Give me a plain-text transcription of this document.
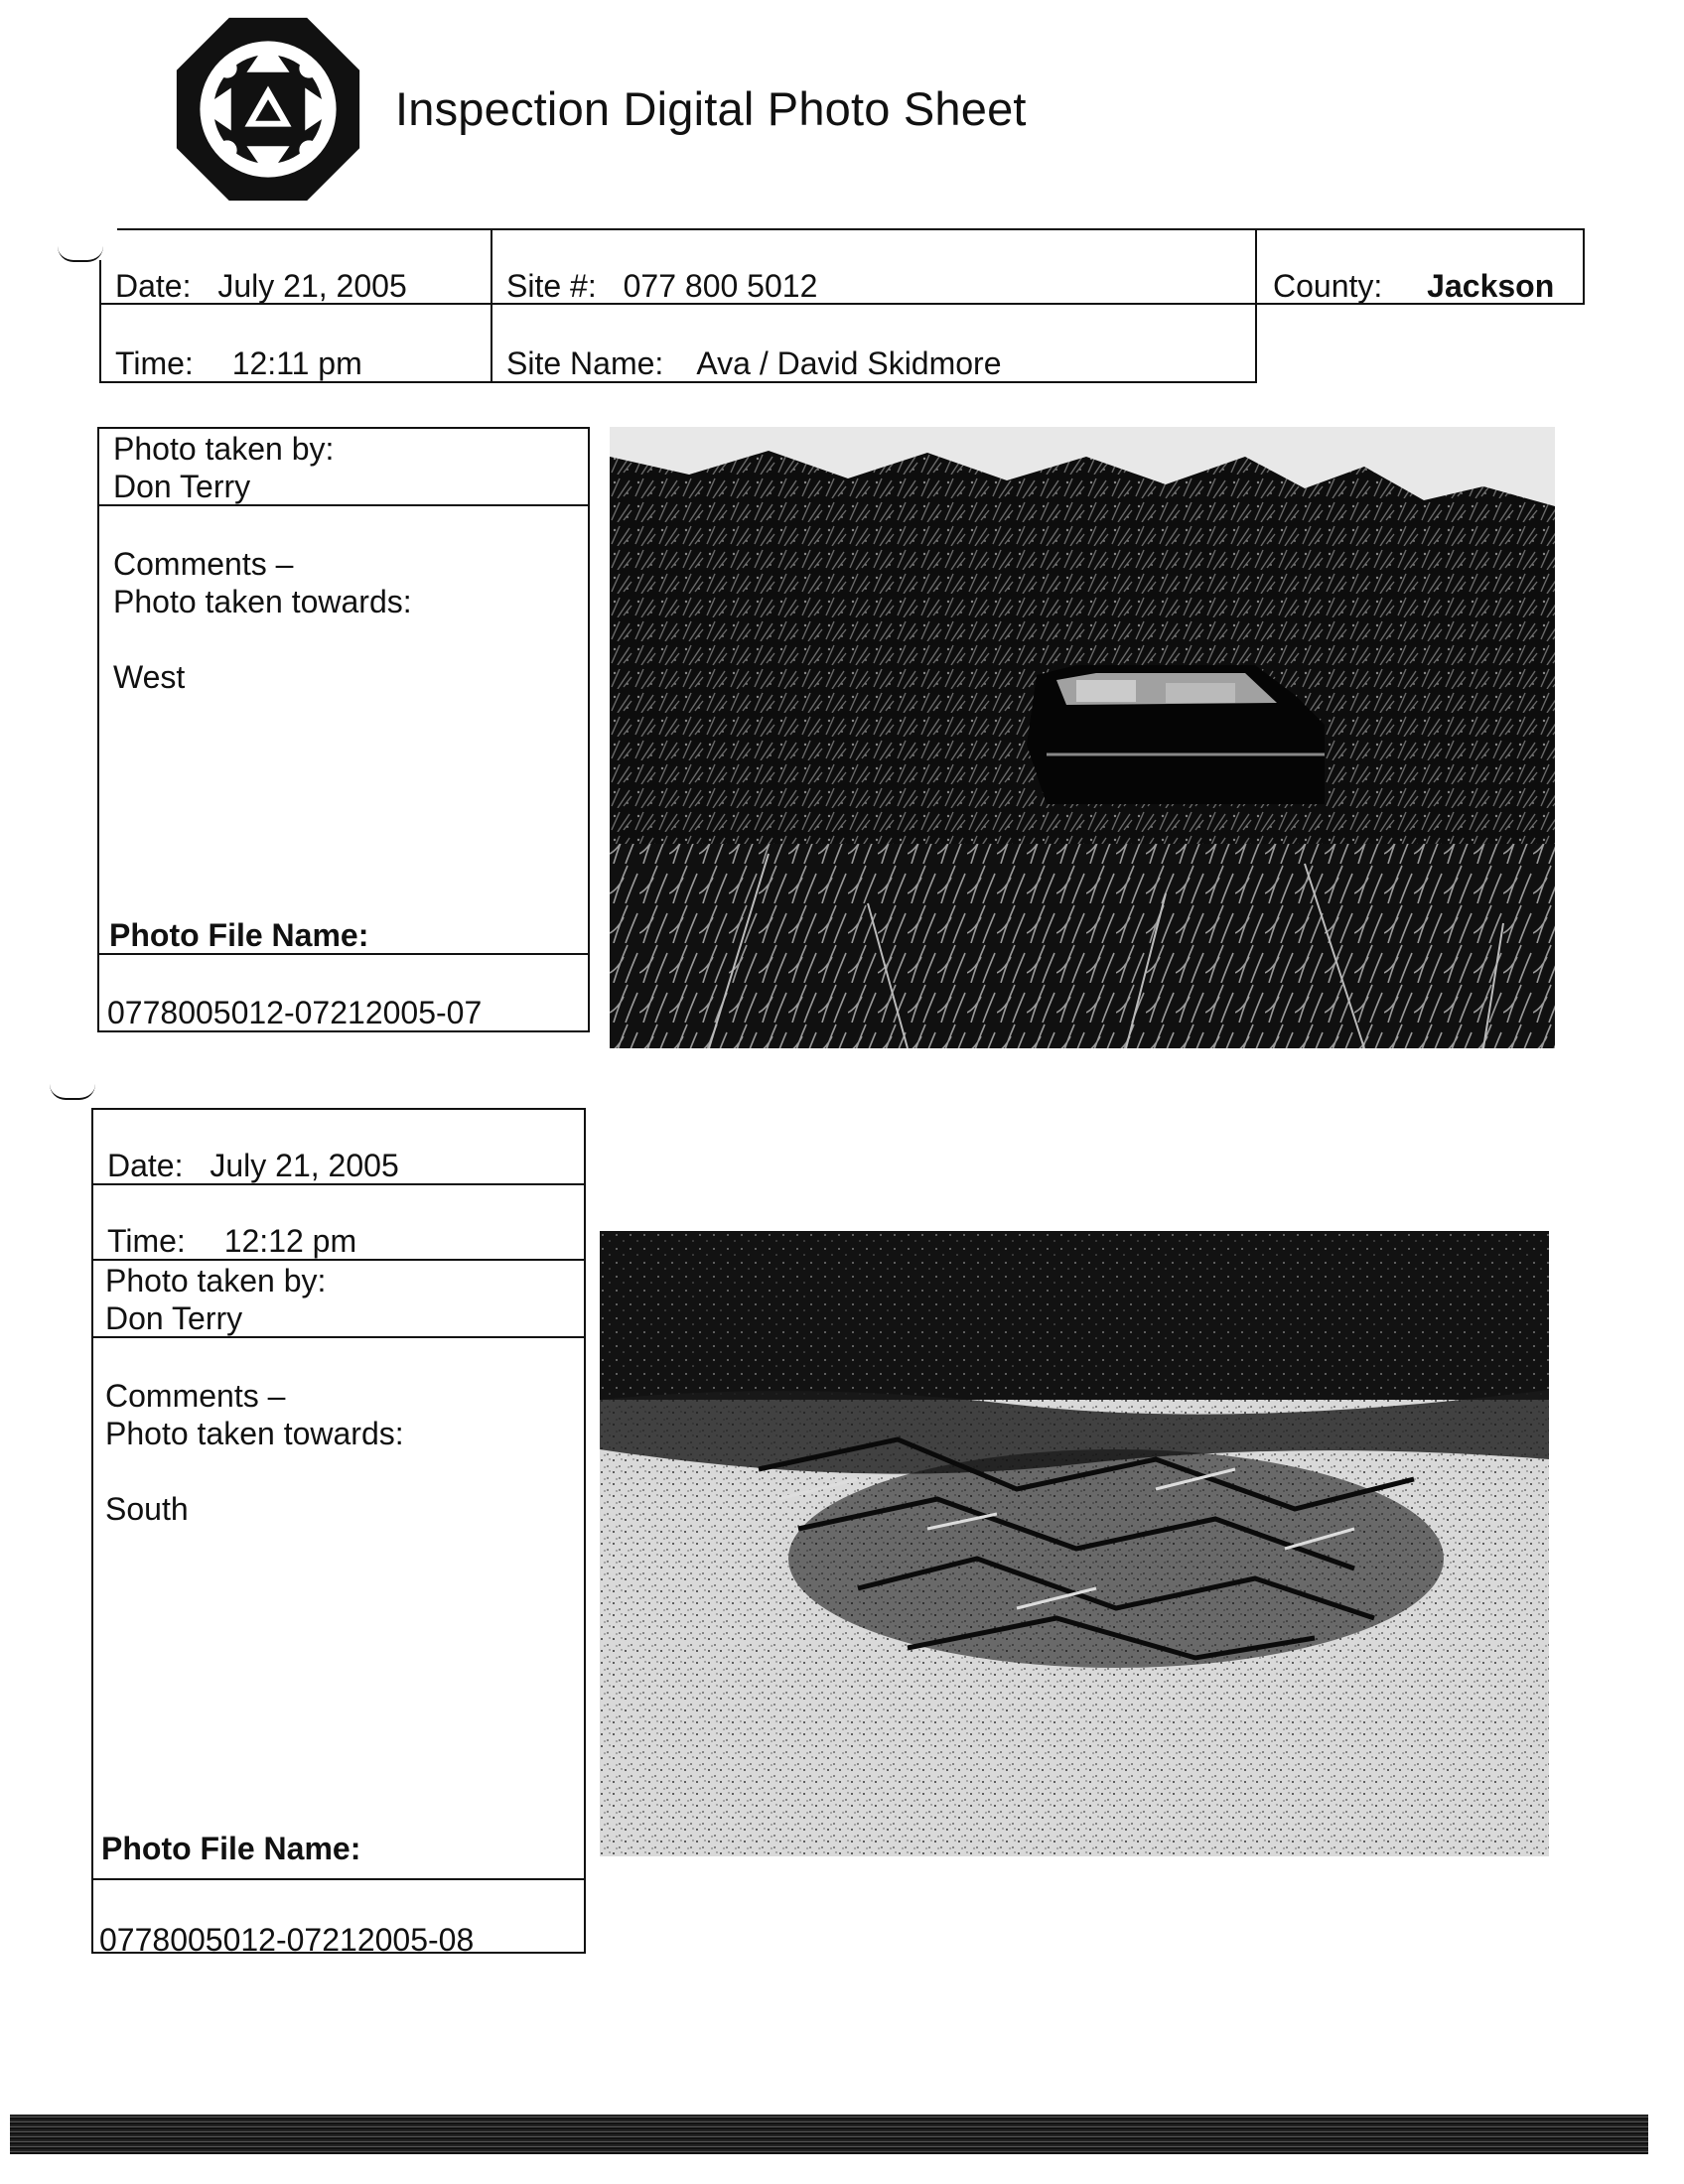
Inspection Digital Photo Sheet
Date: July 21, 2005	Site #: 077 800 5012	County: Jackson
Time: 12:11 pm	Site Name: Ava / David Skidmore
Photo taken by:
Don Terry
Comments –
Photo taken towards:
West
Photo File Name:
0778005012-07212005-07
Date: July 21, 2005
Time: 12:12 pm
Photo taken by:
Don Terry
Comments –
Photo taken towards:
South
Photo File Name:
0778005012-07212005-08
